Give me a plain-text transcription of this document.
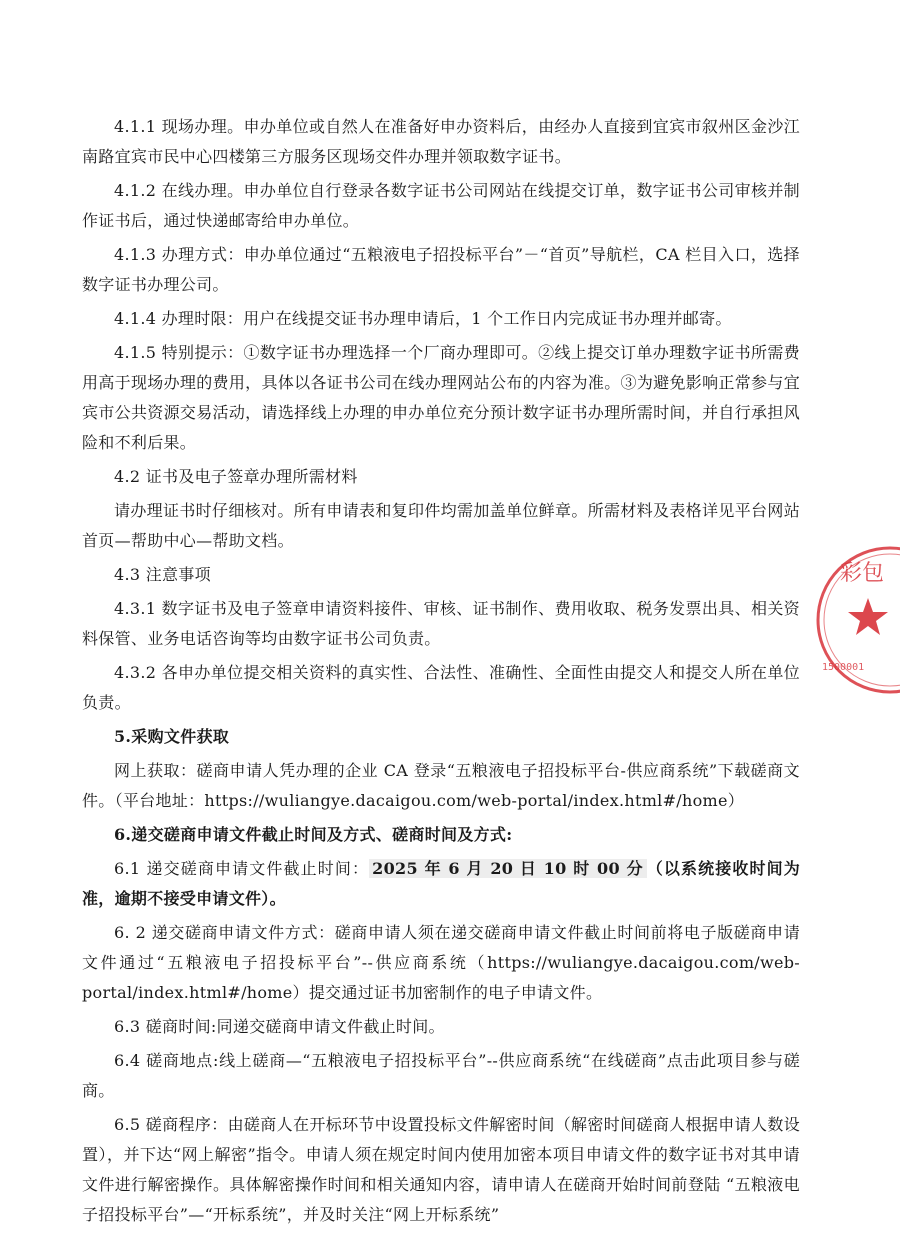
4.1.1 现场办理。申办单位或自然人在准备好申办资料后，由经办人直接到宜宾市叙州区金沙江南路宜宾市民中心四楼第三方服务区现场交件办理并领取数字证书。

4.1.2 在线办理。申办单位自行登录各数字证书公司网站在线提交订单，数字证书公司审核并制作证书后，通过快递邮寄给申办单位。

4.1.3 办理方式：申办单位通过“五粮液电子招投标平台”－“首页”导航栏，CA 栏目入口，选择数字证书办理公司。

4.1.4 办理时限：用户在线提交证书办理申请后，1 个工作日内完成证书办理并邮寄。

4.1.5 特别提示：①数字证书办理选择一个厂商办理即可。②线上提交订单办理数字证书所需费用高于现场办理的费用，具体以各证书公司在线办理网站公布的内容为准。③为避免影响正常参与宜宾市公共资源交易活动，请选择线上办理的申办单位充分预计数字证书办理所需时间，并自行承担风险和不利后果。

4.2 证书及电子签章办理所需材料

请办理证书时仔细核对。所有申请表和复印件均需加盖单位鲜章。所需材料及表格详见平台网站首页—帮助中心—帮助文档。

4.3 注意事项

4.3.1 数字证书及电子签章申请资料接件、审核、证书制作、费用收取、税务发票出具、相关资料保管、业务电话咨询等均由数字证书公司负责。

4.3.2 各申办单位提交相关资料的真实性、合法性、准确性、全面性由提交人和提交人所在单位负责。

5.采购文件获取

网上获取：磋商申请人凭办理的企业 CA 登录“五粮液电子招投标平台-供应商系统”下载磋商文件。（平台地址：https://wuliangye.dacaigou.com/web-portal/index.html#/home）

6.递交磋商申请文件截止时间及方式、磋商时间及方式:

6.1 递交磋商申请文件截止时间： 2025 年 6 月 20 日 10 时 00 分 （以系统接收时间为准，逾期不接受申请文件）。

6. 2 递交磋商申请文件方式：磋商申请人须在递交磋商申请文件截止时间前将电子版磋商申请文件通过“五粮液电子招投标平台”--供应商系统（https://wuliangye.dacaigou.com/web-portal/index.html#/home）提交通过证书加密制作的电子申请文件。

6.3 磋商时间:同递交磋商申请文件截止时间。

6.4 磋商地点:线上磋商—“五粮液电子招投标平台”--供应商系统“在线磋商”点击此项目参与磋商。

6.5 磋商程序：由磋商人在开标环节中设置投标文件解密时间（解密时间磋商人根据申请人数设置），并下达“网上解密”指令。申请人须在规定时间内使用加密本项目申请文件的数字证书对其申请文件进行解密操作。具体解密操作时间和相关通知内容，请申请人在磋商开始时间前登陆 “五粮液电子招投标平台”—“开标系统”，并及时关注“网上开标系统”

彩包
1500001
